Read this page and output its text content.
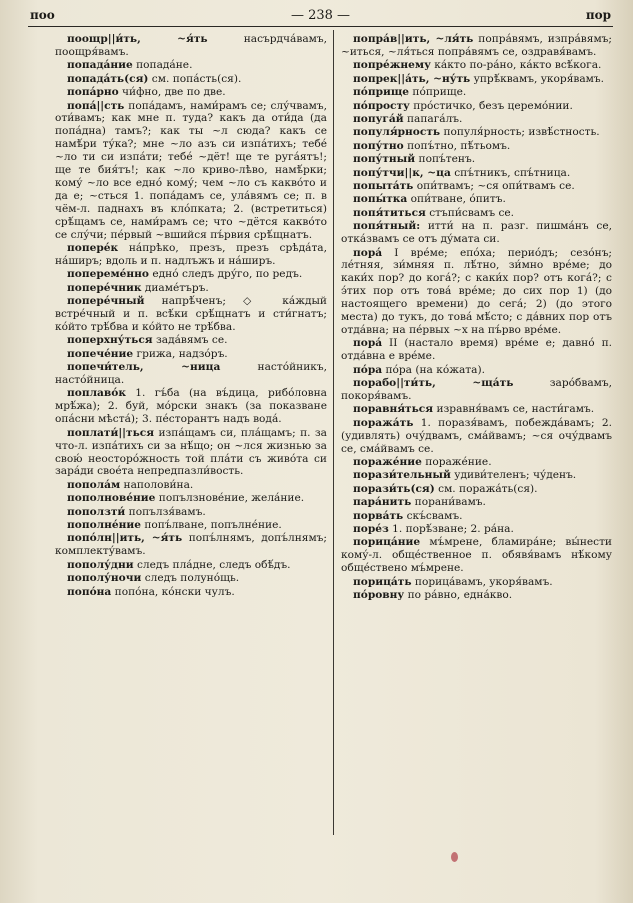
поо	— 238 —	пор
поощр||и́ть, ~я́ть насърдча́вамъ, поощря́вамъ.
попада́ние попада́не.
попада́ть(ся) см. попа́сть(ся).
попа́рно чи́фно, две по две.
попа́||сть попа́дамъ, нами́рамъ се; слу́чвамъ, оти́вамъ; как мне п. туда? какъ да оти́да (да попа́дна) тамъ?; как ты ~л сюда? какъ се намѣ́ри ту́ка?; мне ~ло азъ си изпа́тихъ; тебе́ ~ло ти си изпа́ти; тебе́ ~дёт! ще те руга́ятъ!; ще те бия́тъ!; как ~ло криво-лѣво, намѣ́рки; кому́ ~ло все едно́ кому́; чем ~ло съ какво́то и да е; ~сться 1. попа́дамъ се, ула́вямъ се; п. в чём-л. паднахъ въ кло́пката; 2. (встретиться) срѣ́щамъ се, нами́рамъ се; что ~дётся какво́то се слу́чи; пе́рвый ~вшийся пъ́рвия срѣ́щнатъ.
попере́к на́прѣко, презъ, презъ срѣда́та, на́ширъ; вдоль и п. надлъжъ и на́ширъ.
попереме́нно едно́ следъ дру́го, по редъ.
попере́чник диаме́търъ.
попере́чный напрѣ́ченъ; ◇ ка́ждый встре́чный и п. всѣ́ки срѣ́щнатъ и сти́гнатъ; ко́йто трѣ́бва и ко́йто не трѣ́бва.
поперхну́ться зада́вямъ се.
попече́ние грижа, надзо́ръ.
попечи́тель, ~ница насто́йникъ, насто́йница.
поплаво́к 1. гъ́ба (на въ́дица, рибо́ловна мрѣ́жа); 2. буй, мо́рски знакъ (за показване опа́сни мѣста́); 3. пе́сторантъ надъ вода́.
поплати́||ться изпа́щамъ си, пла́щамъ; п. за что-л. изпа́тихъ си за нѣ́що; он ~лся жизнью за свою́ неосторо́жность той пла́ти съ живо́та си зара́ди свое́та непредпазли́вость.
попола́м наполови́на.
пополнове́ние попълзнове́ние, жела́ние.
поползти́ попълзя́вамъ.
пополне́ние попъ́лване, попълне́ние.
попо́лн||ить, ~я́ть попъ́лнямъ, допъ́лнямъ; комплекту́вамъ.
пополу́дни следъ пла́дне, следъ обѣ́дъ.
пополу́ночи следъ полуно́щь.
попо́на попо́на, ко́нски чулъ.
попра́в||ить, ~ля́ть попра́вямъ, изпра́вямъ; ~иться, ~ля́ться попра́вямъ се, оздравя́вамъ.
попре́жнему ка́кто по-ра́но, ка́кто всѣ́кога.
попрек||а́ть, ~ну́ть упрѣ́квамъ, укоря́вамъ.
по́прище по́прище.
по́просту про́стичко, безъ церемо́нии.
попуга́й папага́лъ.
популя́рность популя́рность; извѣ́стность.
попу́тно попъ́тно, пѣ́тьомъ.
попу́тный попъ́тенъ.
попу́тчи||к, ~ца спъ́тникъ, спъ́тница.
попыта́ть опи́твамъ; ~ся опи́твамъ се.
попы́тка опи́тване, о́питъ.
попя́титься стъпи́свамъ се.
попя́тный: итти́ на п. разг. пишма́нъ се, отка́звамъ се отъ ду́мата си.
пора́ I вре́ме; епо́ха; перио́дъ; сезо́нъ; ле́тняя, зи́мняя п. лѣ́тно, зи́мно вре́ме; до каки́х пор? до кога́?; с каки́х пор? отъ кога́?; с э́тих пор отъ това́ вре́ме; до сих пор 1) (до настоящего времени) до сега́; 2) (до этого места) до тукъ, до това́ мѣ́сто; с да́вних пор отъ отда́вна; на пе́рвых ~х на пъ́рво вре́ме.
пора́ II (настало время) вре́ме е; давно́ п. отда́вна е вре́ме.
по́ра по́ра (на ко́жата).
порабо||ти́ть, ~ща́ть заро́бвамъ, покоря́вамъ.
поравня́ться изравня́вамъ се, насти́гамъ.
поража́ть 1. поразя́вамъ, побежда́вамъ; 2. (удивлять) очу́двамъ, сма́йвамъ; ~ся очу́двамъ се, сма́йвамъ се.
пораже́ние пораже́ние.
порази́тельный удиви́теленъ; чу́денъ.
порази́ть(ся) см. поража́ть(ся).
пара́нить порани́вамъ.
порва́ть скъ́свамъ.
поре́з 1. порѣ́зване; 2. ра́на.
порица́ние мъ́мрене, бламира́не; вы́нести кому́-л. обще́ственное п. обявя́вамъ нѣ́кому обще́ствено мъ́мрене.
порица́ть порица́вамъ, укоря́вамъ.
по́ровну по ра́вно, една́кво.
